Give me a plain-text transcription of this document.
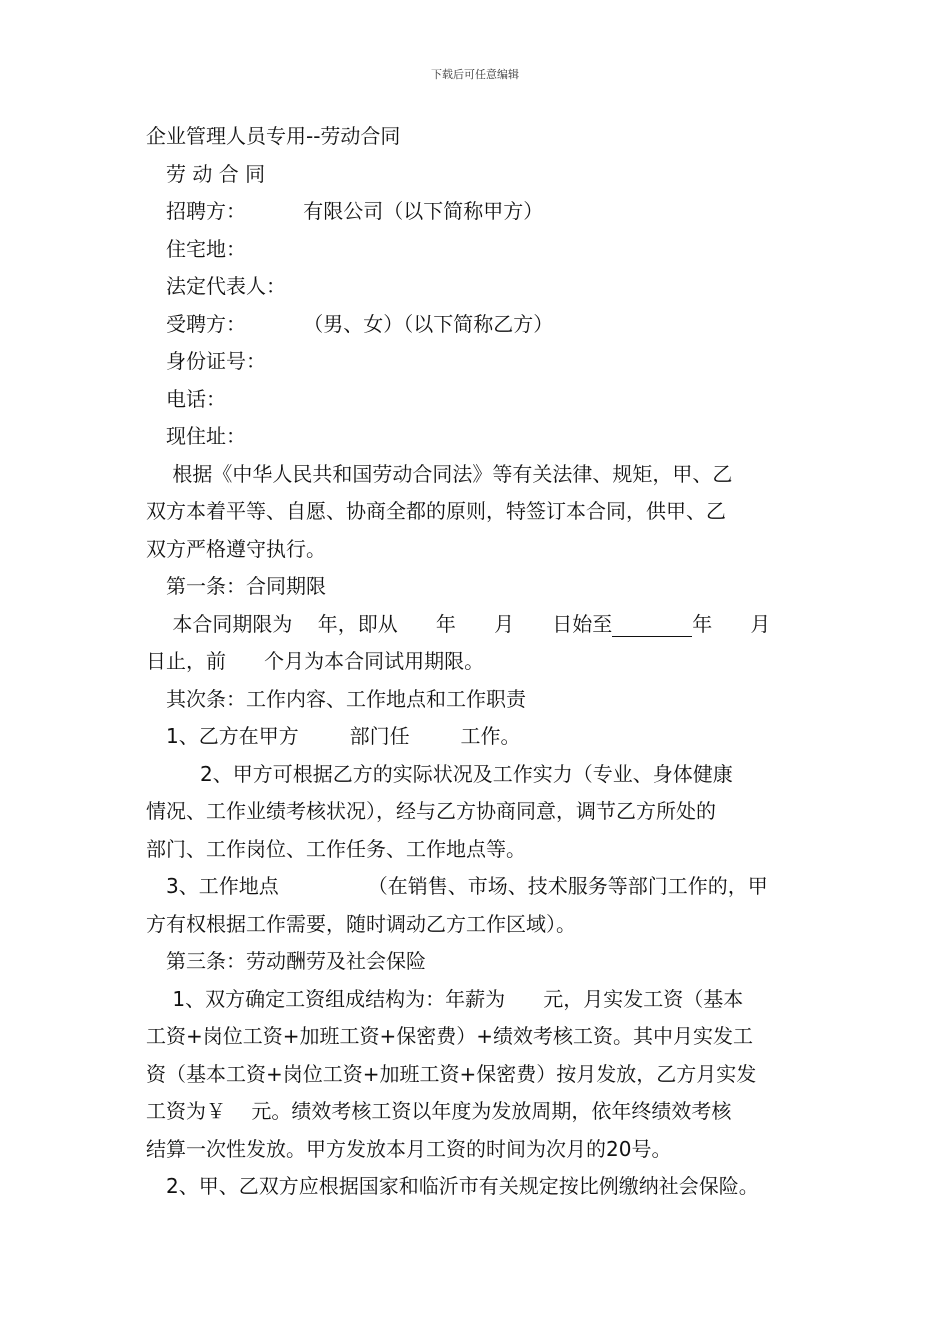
下载后可任意编辑
企业管理人员专用--劳动合同
劳 动 合 同
招聘方：         有限公司（以下简称甲方）
住宅地：
法定代表人：
受聘方：         （男、女）（以下简称乙方）
身份证号：
电话：
现住址：
根据《中华人民共和国劳动合同法》等有关法律、规矩，甲、乙
双方本着平等、自愿、协商全都的原则，特签订本合同，供甲、乙
双方严格遵守执行。
第一条：合同期限
本合同期限为    年，即从      年      月      日始至	年      月
日止，前      个月为本合同试用期限。
其次条：工作内容、工作地点和工作职责
1、乙方在甲方        部门任        工作。
2、甲方可根据乙方的实际状况及工作实力（专业、身体健康
情况、工作业绩考核状况），经与乙方协商同意，调节乙方所处的
部门、工作岗位、工作任务、工作地点等。
3、工作地点              （在销售、市场、技术服务等部门工作的，甲
方有权根据工作需要，随时调动乙方工作区域）。
第三条：劳动酬劳及社会保险
1、双方确定工资组成结构为：年薪为      元，月实发工资（基本
工资+岗位工资+加班工资+保密费）+绩效考核工资。其中月实发工
资（基本工资+岗位工资+加班工资+保密费）按月发放，乙方月实发
工资为￥    元。绩效考核工资以年度为发放周期，依年终绩效考核
结算一次性发放。甲方发放本月工资的时间为次月的20号。
2、甲、乙双方应根据国家和临沂市有关规定按比例缴纳社会保险。
